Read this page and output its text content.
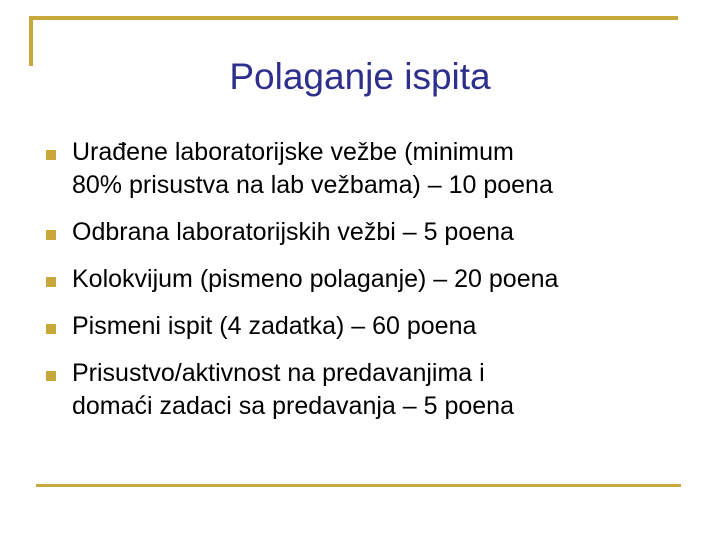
Polaganje ispita
Urađene laboratorijske vežbe (minimum
80% prisustva na lab vežbama) – 10 poena
Odbrana laboratorijskih vežbi – 5 poena
Kolokvijum (pismeno polaganje) – 20 poena
Pismeni ispit (4 zadatka) – 60 poena
Prisustvo/aktivnost na predavanjima i
domaći zadaci sa predavanja – 5 poena
